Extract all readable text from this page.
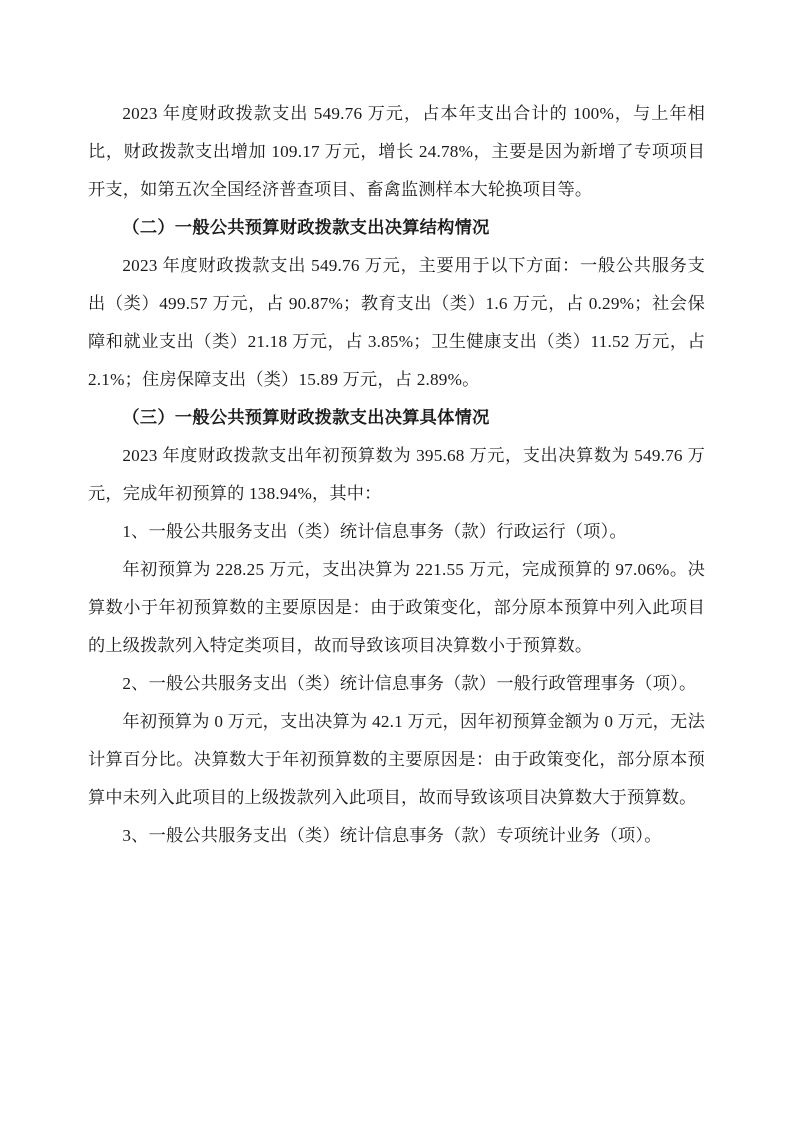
2023 年度财政拨款支出 549.76 万元，占本年支出合计的 100%，与上年相比，财政拨款支出增加 109.17 万元，增长 24.78%，主要是因为新增了专项项目开支，如第五次全国经济普查项目、畜禽监测样本大轮换项目等。

（二）一般公共预算财政拨款支出决算结构情况

2023 年度财政拨款支出 549.76 万元，主要用于以下方面：一般公共服务支出（类）499.57 万元，占 90.87%；教育支出（类）1.6 万元，占 0.29%；社会保障和就业支出（类）21.18 万元，占 3.85%；卫生健康支出（类）11.52 万元，占 2.1%；住房保障支出（类）15.89 万元，占 2.89%。

（三）一般公共预算财政拨款支出决算具体情况

2023 年度财政拨款支出年初预算数为 395.68 万元，支出决算数为 549.76 万元，完成年初预算的 138.94%，其中：

1、一般公共服务支出（类）统计信息事务（款）行政运行（项）。

年初预算为 228.25 万元，支出决算为 221.55 万元，完成预算的 97.06%。决算数小于年初预算数的主要原因是：由于政策变化，部分原本预算中列入此项目的上级拨款列入特定类项目，故而导致该项目决算数小于预算数。

2、一般公共服务支出（类）统计信息事务（款）一般行政管理事务（项）。

年初预算为 0 万元，支出决算为 42.1 万元，因年初预算金额为 0 万元，无法计算百分比。决算数大于年初预算数的主要原因是：由于政策变化，部分原本预算中未列入此项目的上级拨款列入此项目，故而导致该项目决算数大于预算数。

3、一般公共服务支出（类）统计信息事务（款）专项统计业务（项）。
